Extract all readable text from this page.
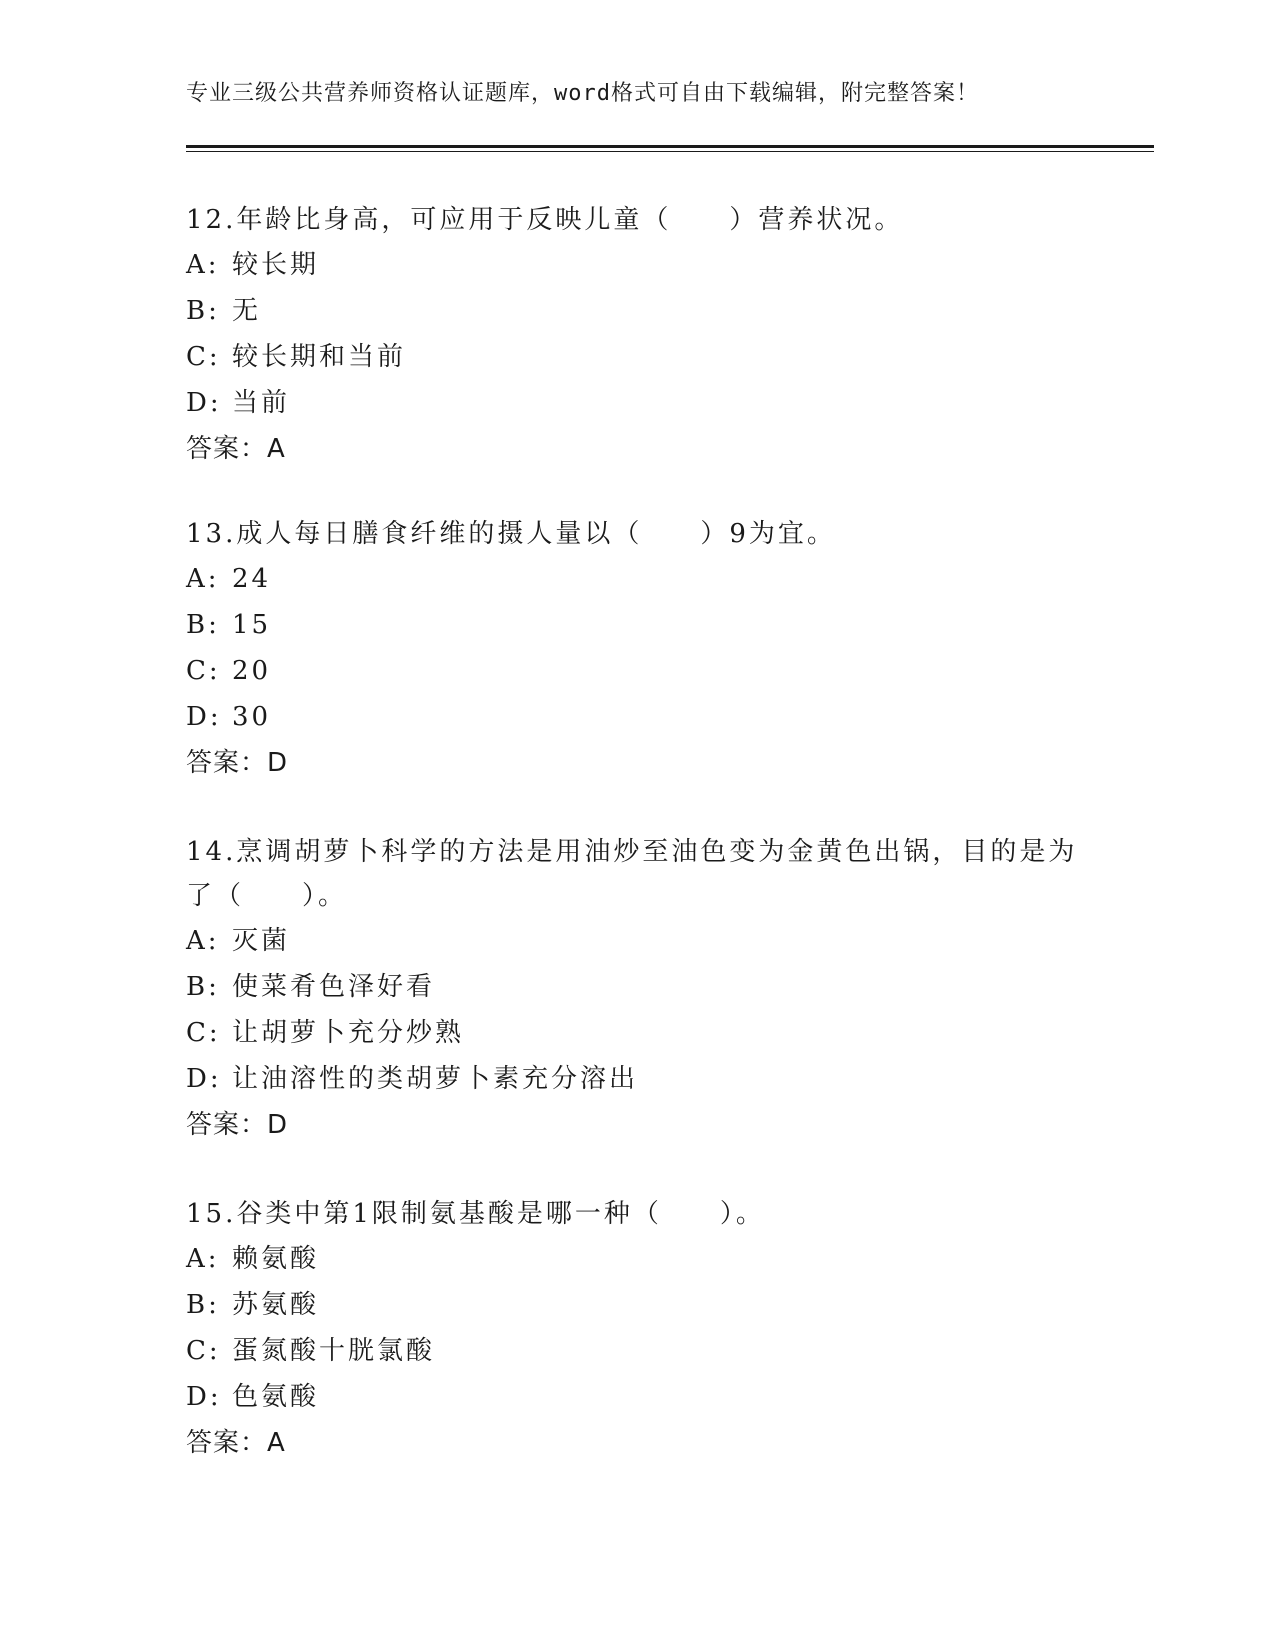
专业三级公共营养师资格认证题库，word格式可自由下载编辑，附完整答案！

12.年龄比身高，可应用于反映儿童（　　）营养状况。

A: 较长期

B: 无

C: 较长期和当前

D: 当前

答案：A

13.成人每日膳食纤维的摄人量以（　　）9为宜。

A: 24

B: 15

C: 20

D: 30

答案：D

14.烹调胡萝卜科学的方法是用油炒至油色变为金黄色出锅，目的是为了（　　）。

A: 灭菌

B: 使菜肴色泽好看

C: 让胡萝卜充分炒熟

D: 让油溶性的类胡萝卜素充分溶出

答案：D

15.谷类中第1限制氨基酸是哪一种（　　）。

A: 赖氨酸

B: 苏氨酸

C: 蛋氮酸十胱氯酸

D: 色氨酸

答案：A
